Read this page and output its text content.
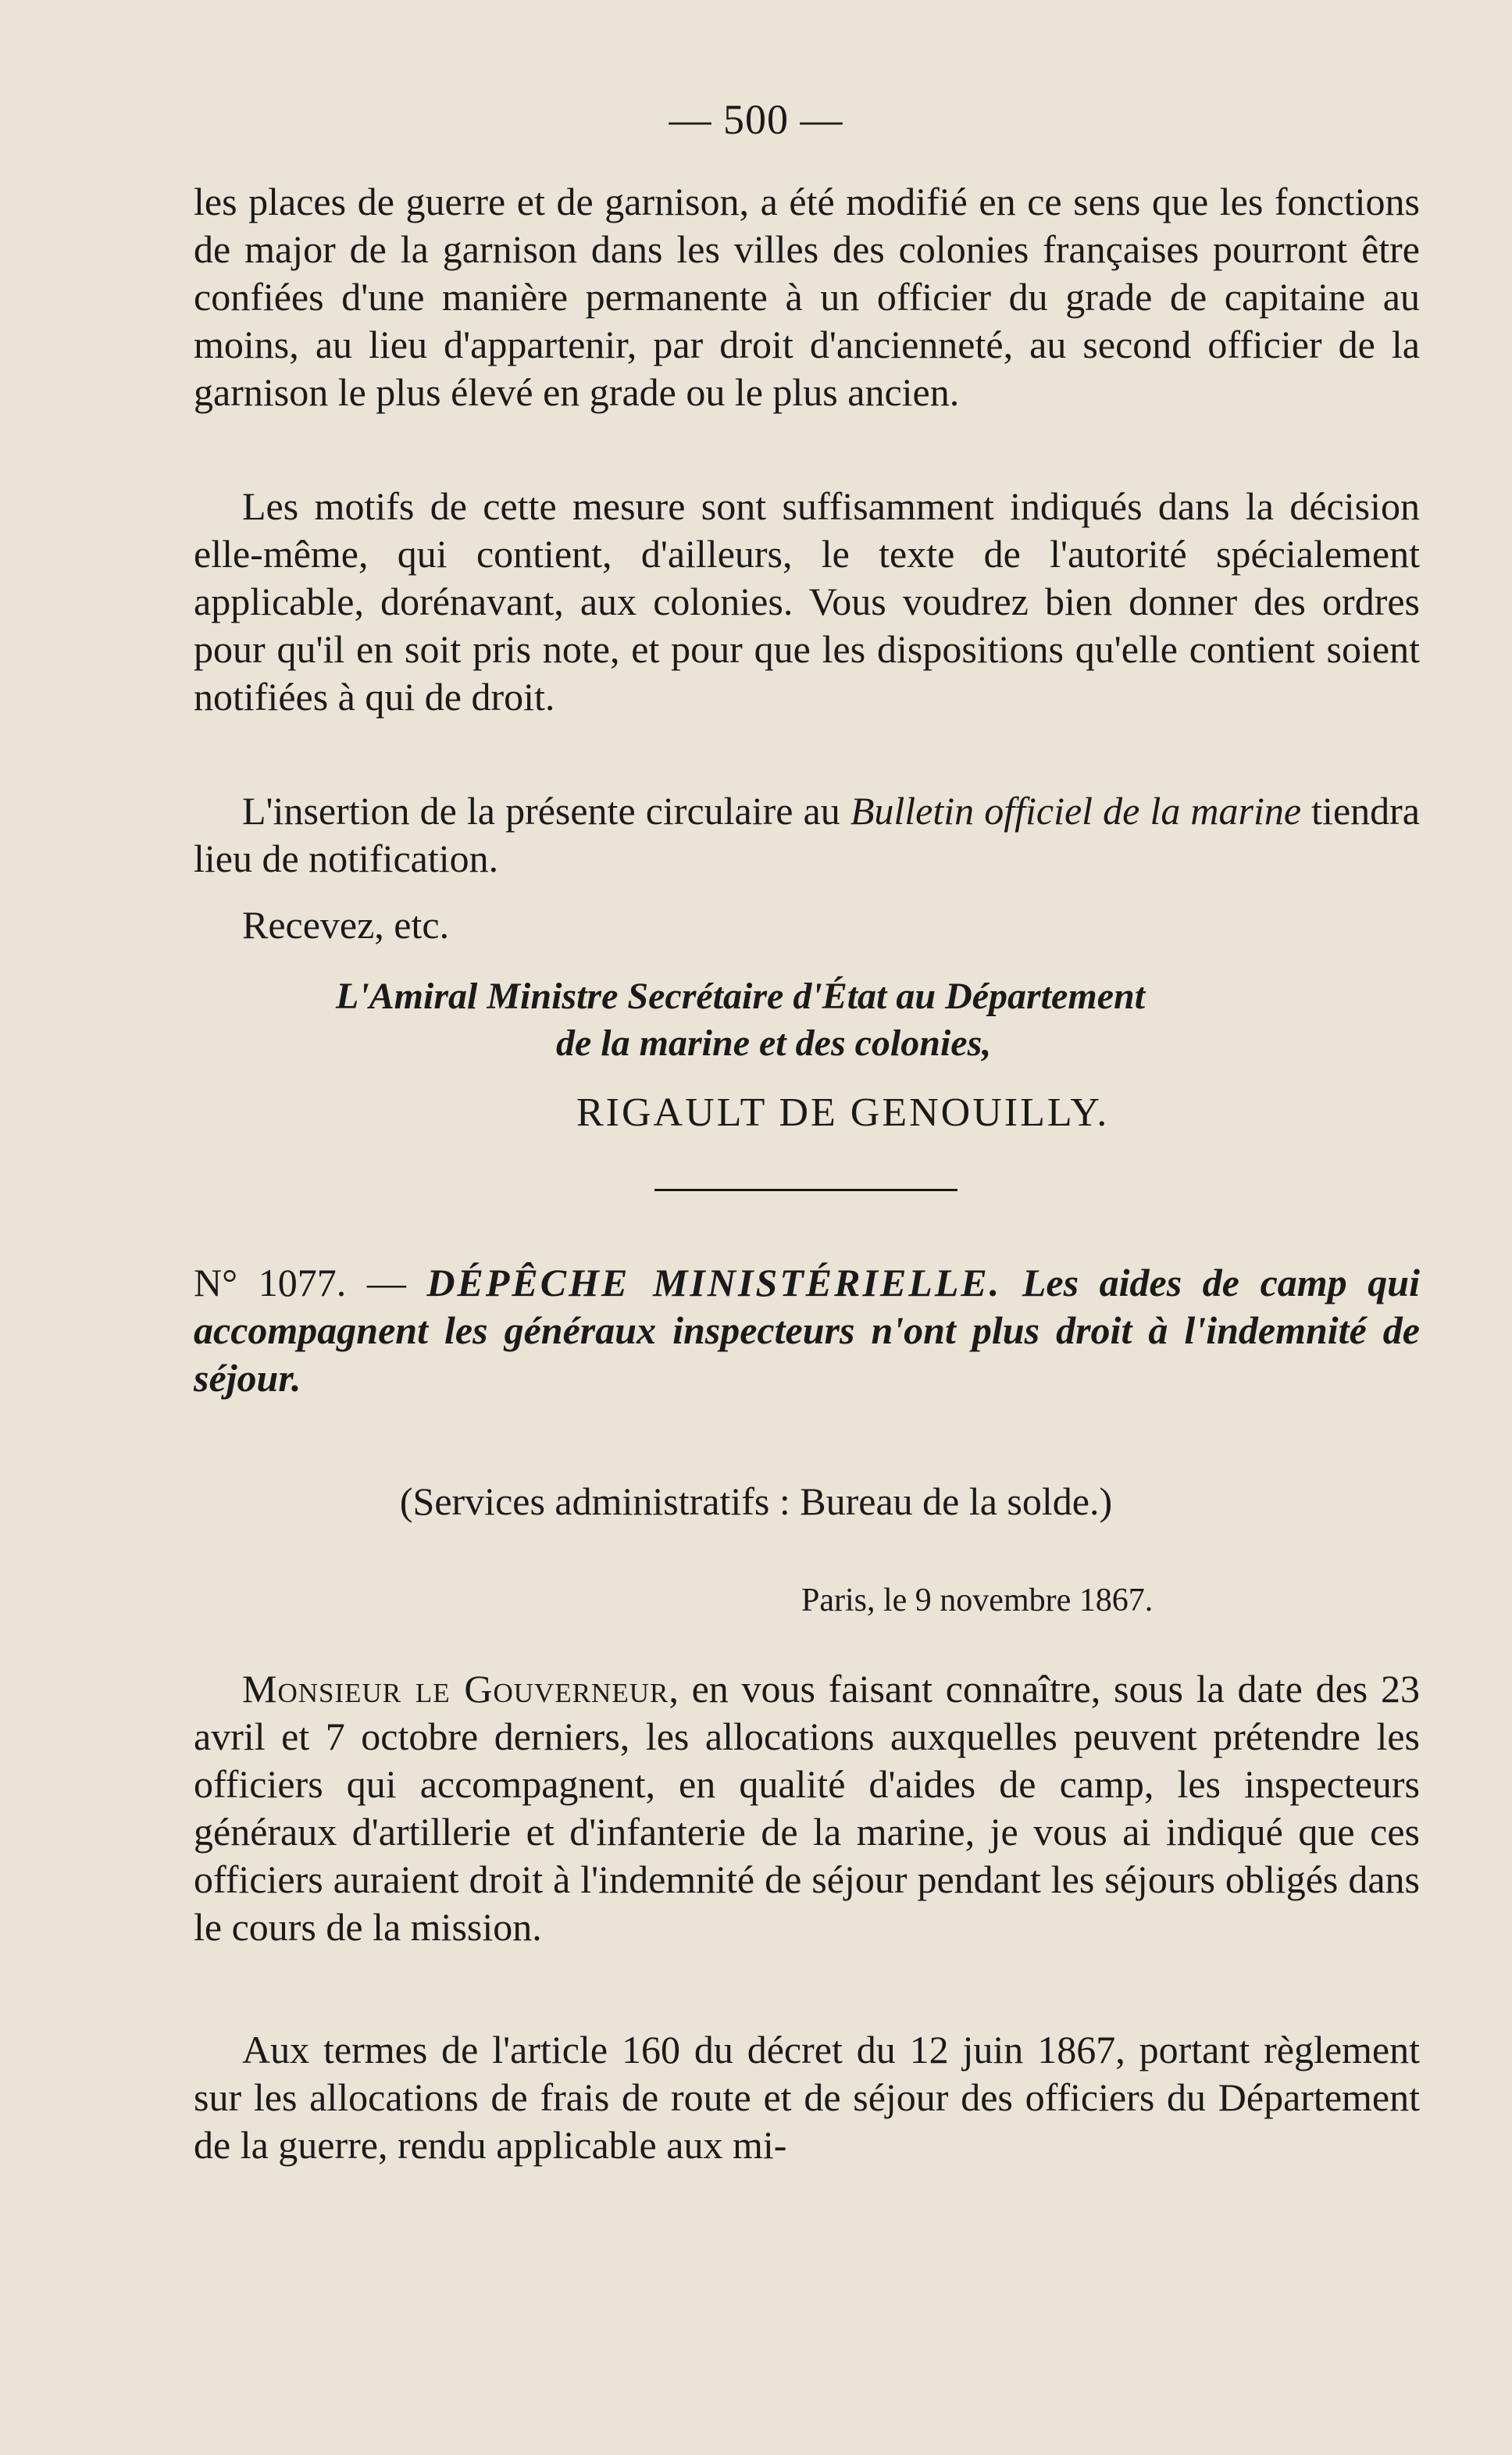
— 500 —

les places de guerre et de garnison, a été modifié en ce sens que les fonctions de major de la garnison dans les villes des colonies françaises pourront être confiées d'une manière permanente à un officier du grade de capitaine au moins, au lieu d'appartenir, par droit d'ancienneté, au second officier de la garnison le plus élevé en grade ou le plus ancien.

Les motifs de cette mesure sont suffisamment indiqués dans la décision elle-même, qui contient, d'ailleurs, le texte de l'autorité spécialement applicable, dorénavant, aux colonies. Vous voudrez bien donner des ordres pour qu'il en soit pris note, et pour que les dispositions qu'elle contient soient notifiées à qui de droit.

L'insertion de la présente circulaire au Bulletin officiel de la marine tiendra lieu de notification.

Recevez, etc.

L'Amiral Ministre Secrétaire d'État au Département
de la marine et des colonies,
RIGAULT DE GENOUILLY.

N° 1077. — DÉPÊCHE MINISTÉRIELLE. Les aides de camp qui accompagnent les généraux inspecteurs n'ont plus droit à l'indemnité de séjour.

(Services administratifs : Bureau de la solde.)
Paris, le 9 novembre 1867.

Monsieur le Gouverneur, en vous faisant connaître, sous la date des 23 avril et 7 octobre derniers, les allocations auxquelles peuvent prétendre les officiers qui accompagnent, en qualité d'aides de camp, les inspecteurs généraux d'artillerie et d'infanterie de la marine, je vous ai indiqué que ces officiers auraient droit à l'indemnité de séjour pendant les séjours obligés dans le cours de la mission.

Aux termes de l'article 160 du décret du 12 juin 1867, portant règlement sur les allocations de frais de route et de séjour des officiers du Département de la guerre, rendu applicable aux mi-
